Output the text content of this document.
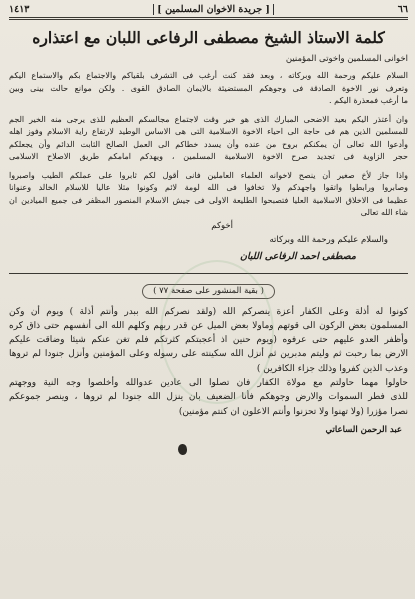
٦٦
[ جريدة الاخوان المسلمين ]
١٤١٣
كلمة الاستاذ الشيخ مصطفى الرفاعى اللبان مع اعتذاره
اخوانى المسلمين واخوتى المؤمنين
السلام عليكم ورحمة الله وبركاته ، وبعد فقد كنت أرغب فى التشرف بلقياكم والاجتماع بكم والاستماع اليكم
وتعرف نور الاخوة الصادقة فى وجوهكم المستضيئة بالايمان الصادق القوى . ولكن موانع حالت بينى وبين
ما أرغب فمعذرة اليكم .
وان أعتذر اليكم بعيد الاضحى المبارك الذى هو خير وقت لاجتماع مجالسكم العظيم للذى يرجى منه الخير الجم
للمسلمين الذين هم فى حاجة الى احياء الاخوة الاسلامية التى هى الاساس الوطيد لارتفاع راية الاسلام وفوز اهله
وأدعوا الله تعالى أن يمكنكم بروح من عنده وأن يسدد خطاكم الى العمل الصالح الثابت الدائم وأن يجعلكم
حجر الزاوية فى تجديد صرح الاخوة الاسلامية المسلمين ، ويهدكم امامكم طريق الاصلاح الاسلامى
واذا جاز لأخ صغير أن ينصح لاخوانه العلماء العاملين فانى أقول لكم ثابروا على عملكم الطيب واصبروا
وصابروا ورابطوا واتقوا واجهدكم ولا تخافوا فى الله لومة لائم وكونوا مثلا عاليا للاسلام الخالد وعنوانا
عظيما فى الاخلاق الاسلامية العليا فتصبحوا الطليعة الاولى فى جيش الاسلام المنصور المظفر فى جميع الميادين ان
شاء الله تعالى
أخوكم
والسلام عليكم ورحمة الله وبركاته
مصطفى احمد الرفاعى اللبان
( بقية المنشور على صفحة ٧٧ )
كونوا له أذلة وعلى الكفار أعزة ينصركم الله (ولقد نصركم الله ببدر وأنتم أذلة ) ويوم أن وكن
المسلمون بعض الركون الى قوتهم وماولا بعض الميل عن قدر ربهم وكلهم الله الى أنفسهم حتى ذاق كره
وأظفر العدو عليهم حتى عرفوه (ويوم حنين اذ أعجبتكم كثرتكم فلم تغن عنكم شيئا وضاقت عليكم
الارض بما رحبت ثم وليتم مدبرين ثم أنزل الله سكينته على رسوله وعلى المؤمنين وأنزل جنودا لم تروها
وعذب الذين كفروا وذلك جزاء الكافرين )
حاولوا مهما حاولتم مع مولاة الكفار فان تصلوا الى عادين عدوالله وأخلصوا وجه النية ووجهتم
للذى فطر السموات والارض وجوهكم فأنا الضعيف بان ينزل الله جنودا لم تروها ، وينصر جموعكم
نصرا مؤزرا (ولا تهنوا ولا تحزنوا وأنتم الاعلون ان كنتم مؤمنين)
عبد الرحمن الساعاتي
